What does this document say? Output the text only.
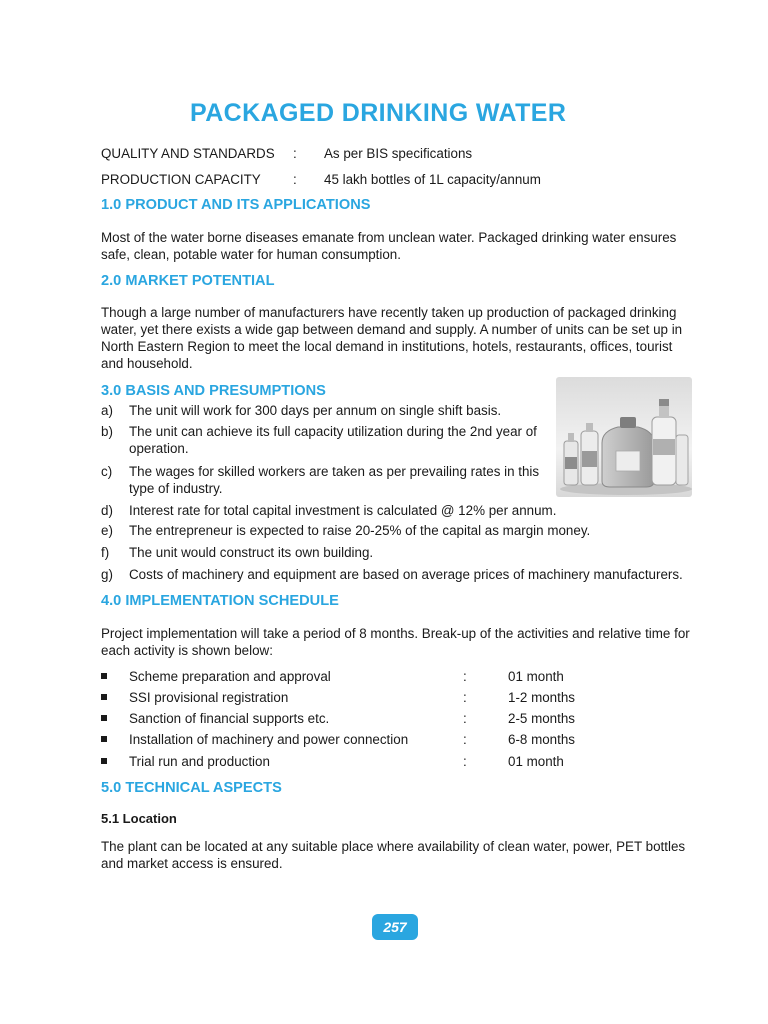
PACKAGED DRINKING WATER
QUALITY AND STANDARDS : As per BIS specifications
PRODUCTION CAPACITY : 45 lakh bottles of 1L capacity/annum
1.0 PRODUCT AND ITS APPLICATIONS
Most of the water borne diseases emanate from unclean water. Packaged drinking water ensures safe, clean, potable water for human consumption.
2.0 MARKET POTENTIAL
Though a large number of manufacturers have recently taken up production of packaged drinking water, yet there exists a wide gap between demand and supply. A number of units can be set up in North Eastern Region to meet the local demand in institutions, hotels, restaurants, offices, tourist and household.
3.0 BASIS AND PRESUMPTIONS
a) The unit will work for 300 days per annum on single shift basis.
b) The unit can achieve its full capacity utilization during the 2nd year of
operation.
c) The wages for skilled workers are taken as per prevailing rates in this
type of industry.
d) Interest rate for total capital investment is calculated @ 12% per annum.
e) The entrepreneur is expected to raise 20-25% of the capital as margin money.
f) The unit would construct its own building.
g) Costs of machinery and equipment are based on average prices of machinery manufacturers.
4.0 IMPLEMENTATION SCHEDULE
Project implementation will take a period of 8 months. Break-up of the activities and relative time for each activity is shown below:
Scheme preparation and approval	:	01 month
SSI provisional registration	:	1-2 months
Sanction of financial supports etc.	:	2-5 months
Installation of machinery and power connection	:	6-8 months
Trial run and production	:	01 month
5.0 TECHNICAL ASPECTS
5.1 Location
The plant can be located at any suitable place where availability of clean water, power, PET bottles and market access is ensured.
257
